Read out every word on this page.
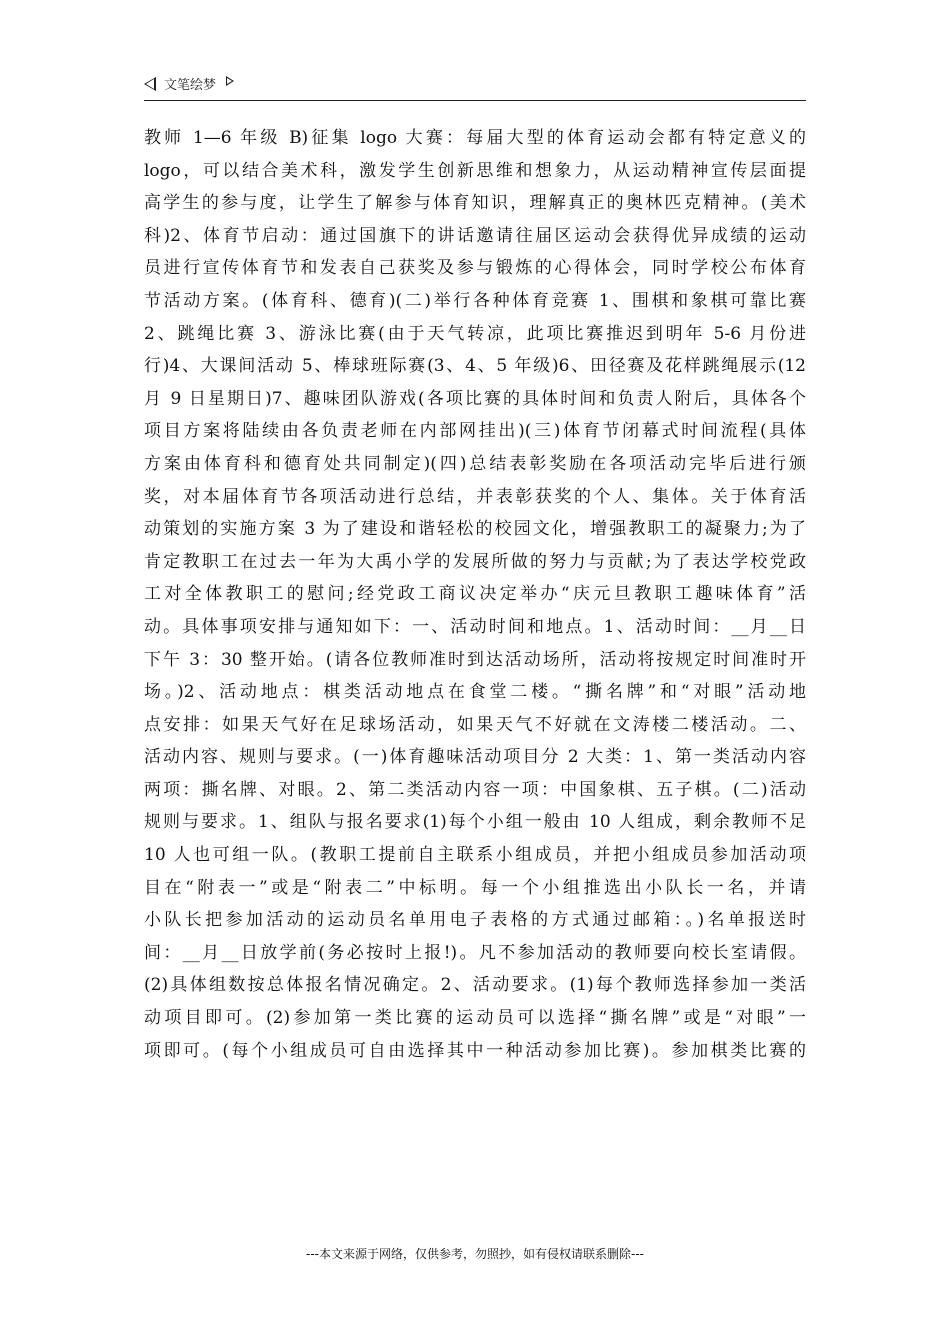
文笔绘梦
教师 1—6 年级 B)征集 logo 大赛：每届大型的体育运动会都有特定意义的
logo，可以结合美术科，激发学生创新思维和想象力，从运动精神宣传层面提
高学生的参与度，让学生了解参与体育知识，理解真正的奥林匹克精神。(美术
科)2、体育节启动：通过国旗下的讲话邀请往届区运动会获得优异成绩的运动
员进行宣传体育节和发表自己获奖及参与锻炼的心得体会，同时学校公布体育
节活动方案。(体育科、德育)(二)举行各种体育竞赛 1、围棋和象棋可靠比赛
2、跳绳比赛 3、游泳比赛(由于天气转凉，此项比赛推迟到明年 5-6 月份进
行)4、大课间活动 5、棒球班际赛(3、4、5 年级)6、田径赛及花样跳绳展示(12
月 9 日星期日)7、趣味团队游戏(各项比赛的具体时间和负责人附后，具体各个
项目方案将陆续由各负责老师在内部网挂出)(三)体育节闭幕式时间流程(具体
方案由体育科和德育处共同制定)(四)总结表彰奖励在各项活动完毕后进行颁
奖，对本届体育节各项活动进行总结，并表彰获奖的个人、集体。关于体育活
动策划的实施方案 3 为了建设和谐轻松的校园文化，增强教职工的凝聚力;为了
肯定教职工在过去一年为大禹小学的发展所做的努力与贡献;为了表达学校党政
工对全体教职工的慰问;经党政工商议决定举办“庆元旦教职工趣味体育”活
动。具体事项安排与通知如下：一、活动时间和地点。1、活动时间：__月__日
下午 3：30 整开始。(请各位教师准时到达活动场所，活动将按规定时间准时开
场。)2、活动地点：棋类活动地点在食堂二楼。“撕名牌”和“对眼”活动地
点安排：如果天气好在足球场活动，如果天气不好就在文涛楼二楼活动。二、
活动内容、规则与要求。(一)体育趣味活动项目分 2 大类：1、第一类活动内容
两项：撕名牌、对眼。2、第二类活动内容一项：中国象棋、五子棋。(二)活动
规则与要求。1、组队与报名要求(1)每个小组一般由 10 人组成，剩余教师不足
10 人也可组一队。(教职工提前自主联系小组成员，并把小组成员参加活动项
目在“附表一”或是“附表二”中标明。每一个小组推选出小队长一名，并请
小队长把参加活动的运动员名单用电子表格的方式通过邮箱：。)名单报送时
间：__月__日放学前(务必按时上报!)。凡不参加活动的教师要向校长室请假。
(2)具体组数按总体报名情况确定。2、活动要求。(1)每个教师选择参加一类活
动项目即可。(2)参加第一类比赛的运动员可以选择“撕名牌”或是“对眼”一
项即可。(每个小组成员可自由选择其中一种活动参加比赛)。参加棋类比赛的
---本文来源于网络，仅供参考，勿照抄，如有侵权请联系删除---
